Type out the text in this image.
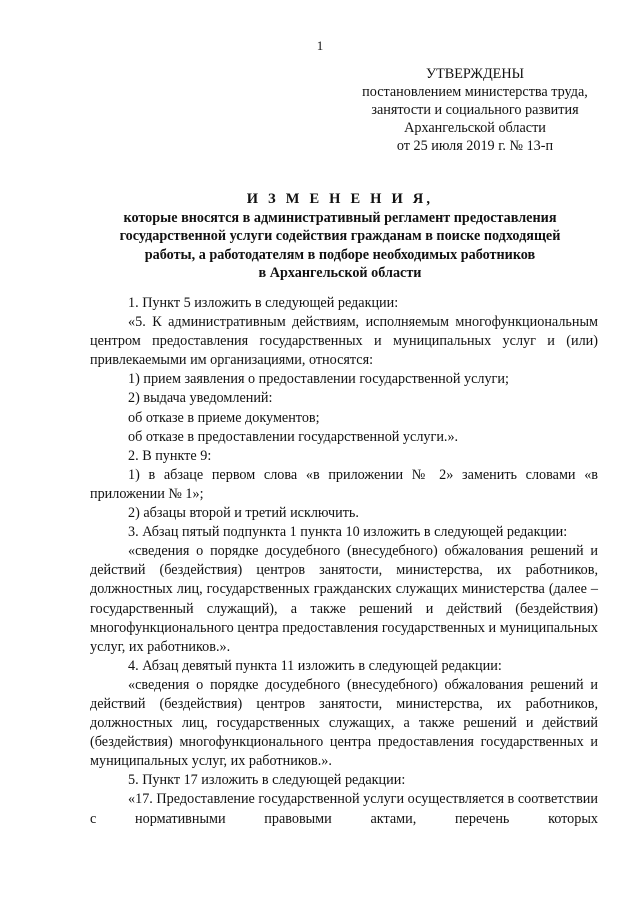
1
УТВЕРЖДЕНЫ
постановлением министерства труда,
занятости и социального развития
Архангельской области
от 25 июля 2019 г. № 13-п
И З М Е Н Е Н И Я,
которые вносятся в административный регламент предоставления
государственной услуги содействия гражданам в поиске подходящей
работы, а работодателям в подборе необходимых работников
в Архангельской области

1. Пункт 5 изложить в следующей редакции:

«5. К административным действиям, исполняемым многофункциональным центром предоставления государственных и муниципальных услуг и (или) привлекаемыми им организациями, относятся:

1) прием заявления о предоставлении государственной услуги;

2) выдача уведомлений:

об отказе в приеме документов;

об отказе в предоставлении государственной услуги.».

2. В пункте 9:

1) в абзаце первом слова «в приложении № 2» заменить словами «в приложении № 1»;

2) абзацы второй и третий исключить.

3. Абзац пятый подпункта 1 пункта 10 изложить в следующей редакции:

«сведения о порядке досудебного (внесудебного) обжалования решений и действий (бездействия) центров занятости, министерства, их работников, должностных лиц, государственных гражданских служащих министерства (далее – государственный служащий), а также решений и действий (бездействия) многофункционального центра предоставления государственных и муниципальных услуг, их работников.».

4. Абзац девятый пункта 11 изложить в следующей редакции:

«сведения о порядке досудебного (внесудебного) обжалования решений и действий (бездействия) центров занятости, министерства, их работников, должностных лиц, государственных служащих, а также решений и действий (бездействия) многофункционального центра предоставления государственных и муниципальных услуг, их работников.».

5. Пункт 17 изложить в следующей редакции:

«17. Предоставление государственной услуги осуществляется в соответствии с нормативными правовыми актами, перечень которых
